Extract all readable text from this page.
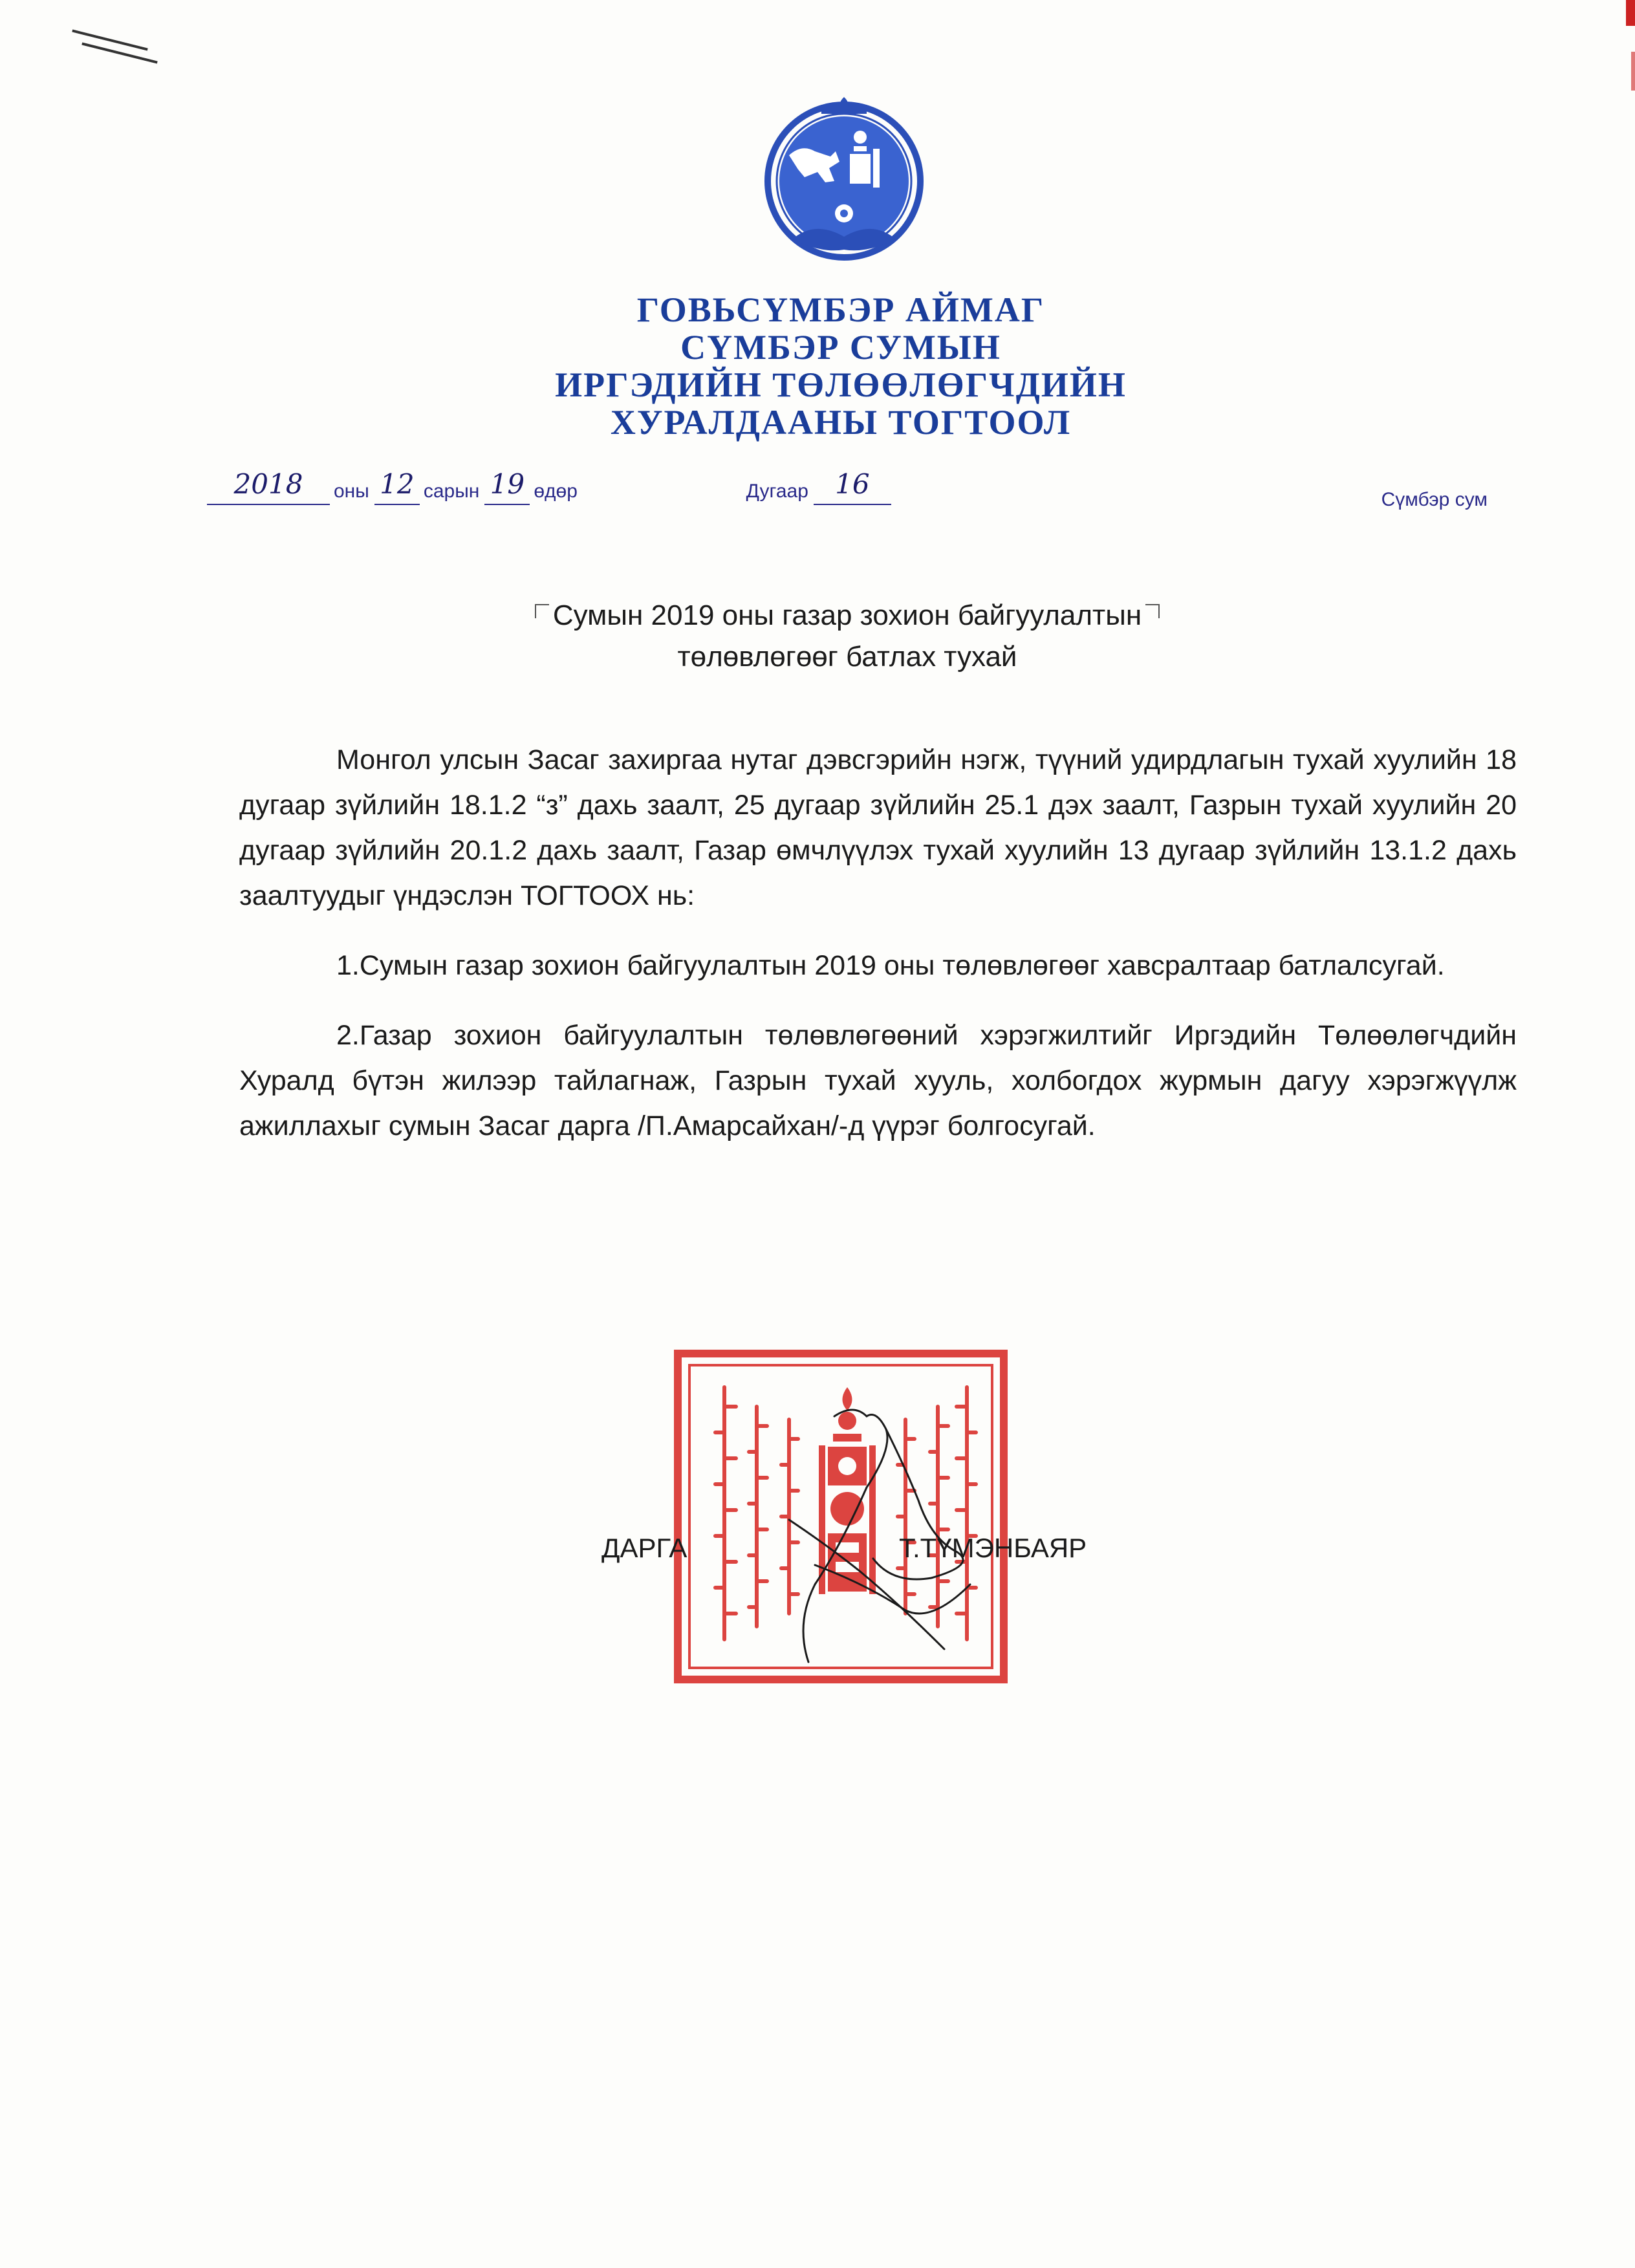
ГОВЬСҮМБЭР АЙМАГ
СҮМБЭР СУМЫН
ИРГЭДИЙН ТӨЛӨӨЛӨГЧДИЙН
ХУРАЛДААНЫ ТОГТООЛ
2018 оны 12 сарын 19 өдөр	Дугаар 16	Сүмбэр сум
Сумын 2019 оны газар зохион байгуулалтын
төлөвлөгөөг батлах тухай

Монгол улсын Засаг захиргаа нутаг дэвсгэрийн нэгж, түүний удирдлагын тухай хуулийн 18 дугаар зүйлийн 18.1.2 “з” дахь заалт, 25 дугаар зүйлийн 25.1 дэх заалт, Газрын тухай хуулийн 20 дугаар зүйлийн 20.1.2 дахь заалт, Газар өмчлүүлэх тухай хуулийн 13 дугаар зүйлийн 13.1.2 дахь заалтуудыг үндэслэн ТОГТООХ нь:

1.Сумын газар зохион байгуулалтын 2019 оны төлөвлөгөөг хавсралтаар батлалсугай.

2.Газар зохион байгуулалтын төлөвлөгөөний хэрэгжилтийг Иргэдийн Төлөөлөгчдийн Хуралд бүтэн жилээр тайлагнаж, Газрын тухай хууль, холбогдох журмын дагуу хэрэгжүүлж ажиллахыг сумын Засаг дарга /П.Амарсайхан/-д үүрэг болгосугай.

ДАРГА	Т.ТҮМЭНБАЯР
